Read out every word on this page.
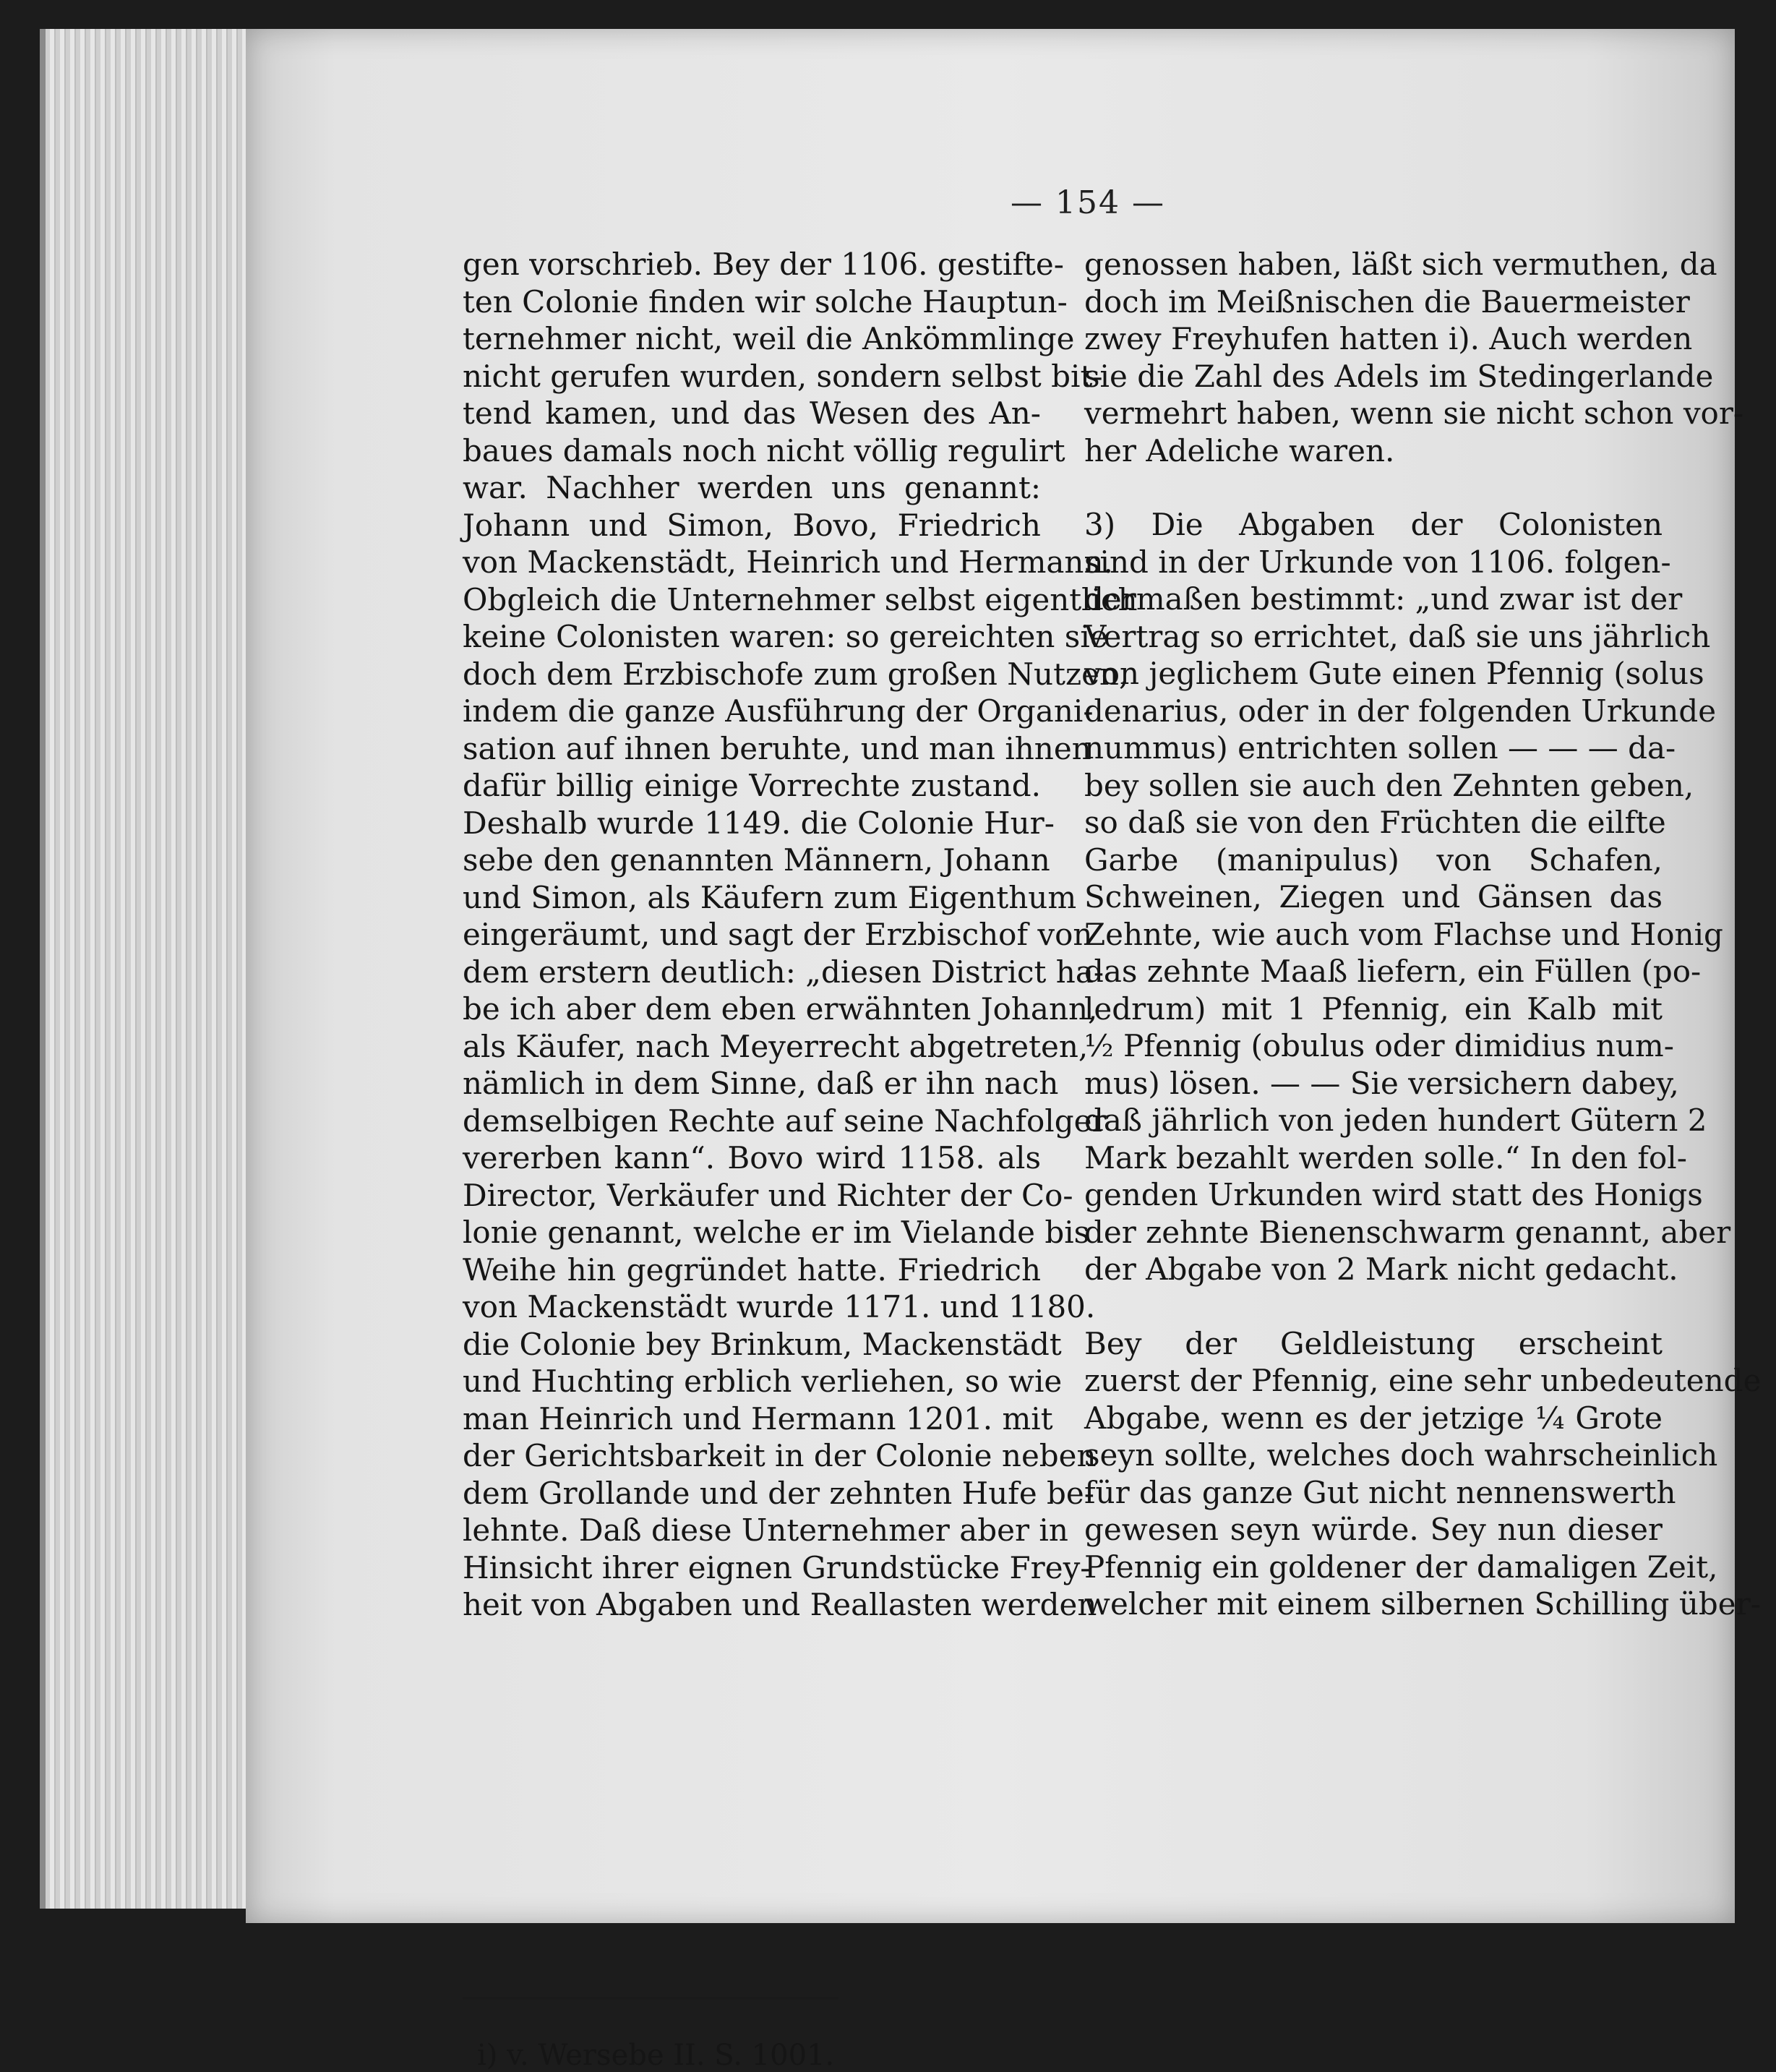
— 154 —
gen vorschrieb. Bey der 1106. gestifte-
ten Colonie finden wir solche Hauptun-
ternehmer nicht, weil die Ankömmlinge
nicht gerufen wurden, sondern selbst bit-
tend kamen, und das Wesen des An-
baues damals noch nicht völlig regulirt
war. Nachher werden uns genannt:
Johann und Simon, Bovo, Friedrich
von Mackenstädt, Heinrich und Hermann.
Obgleich die Unternehmer selbst eigentlich
keine Colonisten waren: so gereichten sie
doch dem Erzbischofe zum großen Nutzen,
indem die ganze Ausführung der Organi-
sation auf ihnen beruhte, und man ihnen
dafür billig einige Vorrechte zustand.
Deshalb wurde 1149. die Colonie Hur-
sebe den genannten Männern, Johann
und Simon, als Käufern zum Eigenthum
eingeräumt, und sagt der Erzbischof von
dem erstern deutlich: „diesen District ha-
be ich aber dem eben erwähnten Johann,
als Käufer, nach Meyerrecht abgetreten,
nämlich in dem Sinne, daß er ihn nach
demselbigen Rechte auf seine Nachfolger
vererben kann“. Bovo wird 1158. als
Director, Verkäufer und Richter der Co-
lonie genannt, welche er im Vielande bis
Weihe hin gegründet hatte. Friedrich
von Mackenstädt wurde 1171. und 1180.
die Colonie bey Brinkum, Mackenstädt
und Huchting erblich verliehen, so wie
man Heinrich und Hermann 1201. mit
der Gerichtsbarkeit in der Colonie neben
dem Grollande und der zehnten Hufe be-
lehnte. Daß diese Unternehmer aber in
Hinsicht ihrer eignen Grundstücke Frey-
heit von Abgaben und Reallasten werden
genossen haben, läßt sich vermuthen, da
doch im Meißnischen die Bauermeister
zwey Freyhufen hatten i). Auch werden
sie die Zahl des Adels im Stedingerlande
vermehrt haben, wenn sie nicht schon vor-
her Adeliche waren.
3) Die Abgaben der Colonisten
sind in der Urkunde von 1106. folgen-
dermaßen bestimmt: „und zwar ist der
Vertrag so errichtet, daß sie uns jährlich
von jeglichem Gute einen Pfennig (solus
denarius, oder in der folgenden Urkunde
nummus) entrichten sollen — — — da-
bey sollen sie auch den Zehnten geben,
so daß sie von den Früchten die eilfte
Garbe (manipulus) von Schafen,
Schweinen, Ziegen und Gänsen das
Zehnte, wie auch vom Flachse und Honig
das zehnte Maaß liefern, ein Füllen (po-
ledrum) mit 1 Pfennig, ein Kalb mit
½ Pfennig (obulus oder dimidius num-
mus) lösen. — — Sie versichern dabey,
daß jährlich von jeden hundert Gütern 2
Mark bezahlt werden solle.“ In den fol-
genden Urkunden wird statt des Honigs
der zehnte Bienenschwarm genannt, aber
der Abgabe von 2 Mark nicht gedacht.
Bey der Geldleistung erscheint
zuerst der Pfennig, eine sehr unbedeutende
Abgabe, wenn es der jetzige ¼ Grote
seyn sollte, welches doch wahrscheinlich
für das ganze Gut nicht nennenswerth
gewesen seyn würde. Sey nun dieser
Pfennig ein goldener der damaligen Zeit,
welcher mit einem silbernen Schilling über-
i) v. Wersebe II. S. 1001.
